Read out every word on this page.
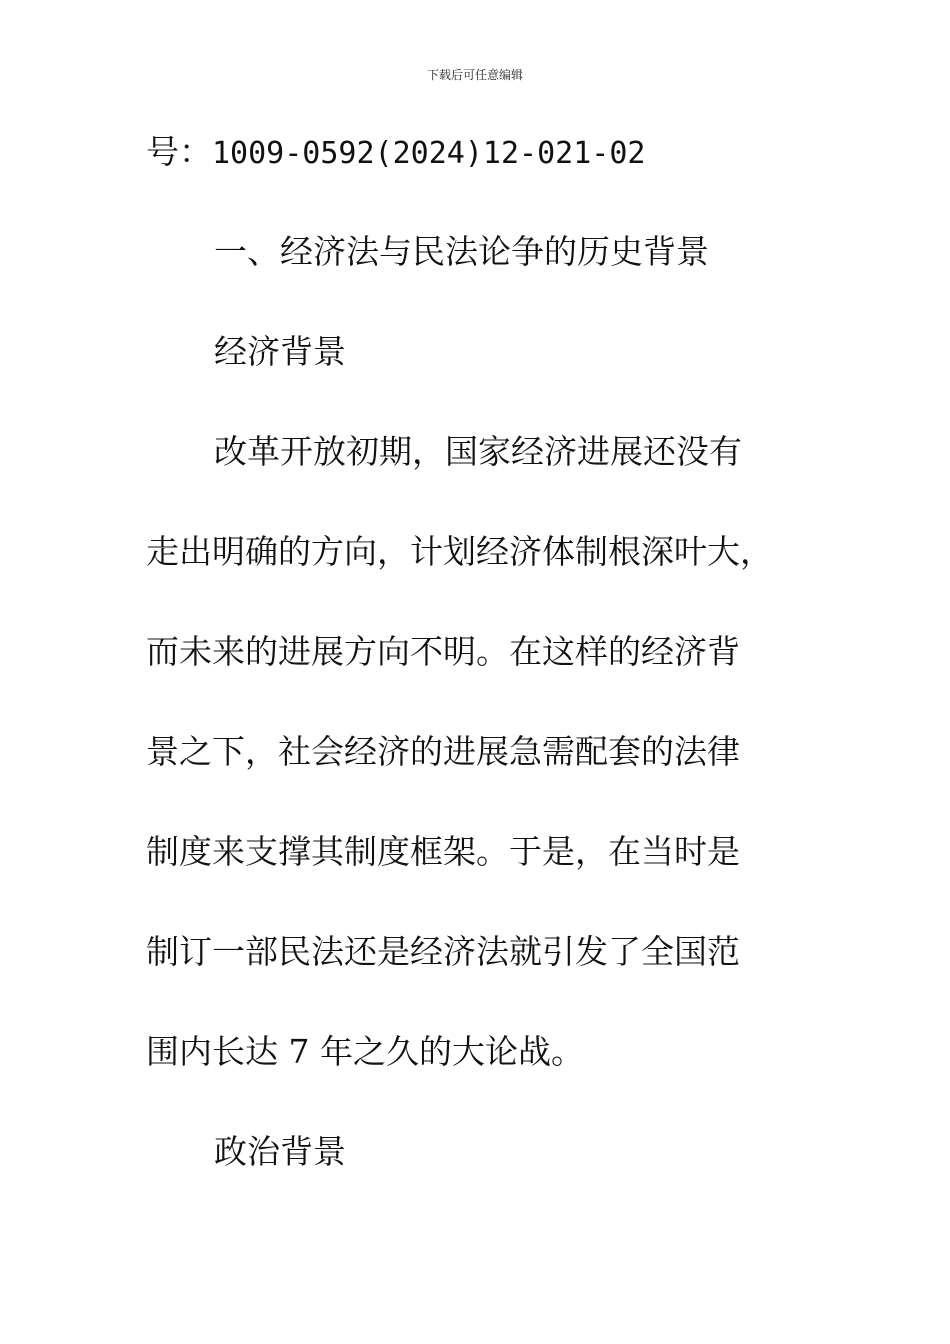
下载后可任意编辑
号：1009-0592(2024)12-021-02
一、经济法与民法论争的历史背景
经济背景
改革开放初期，国家经济进展还没有
走出明确的方向，计划经济体制根深叶大，
而未来的进展方向不明。在这样的经济背
景之下，社会经济的进展急需配套的法律
制度来支撑其制度框架。于是，在当时是
制订一部民法还是经济法就引发了全国范
围内长达 7 年之久的大论战。
政治背景
